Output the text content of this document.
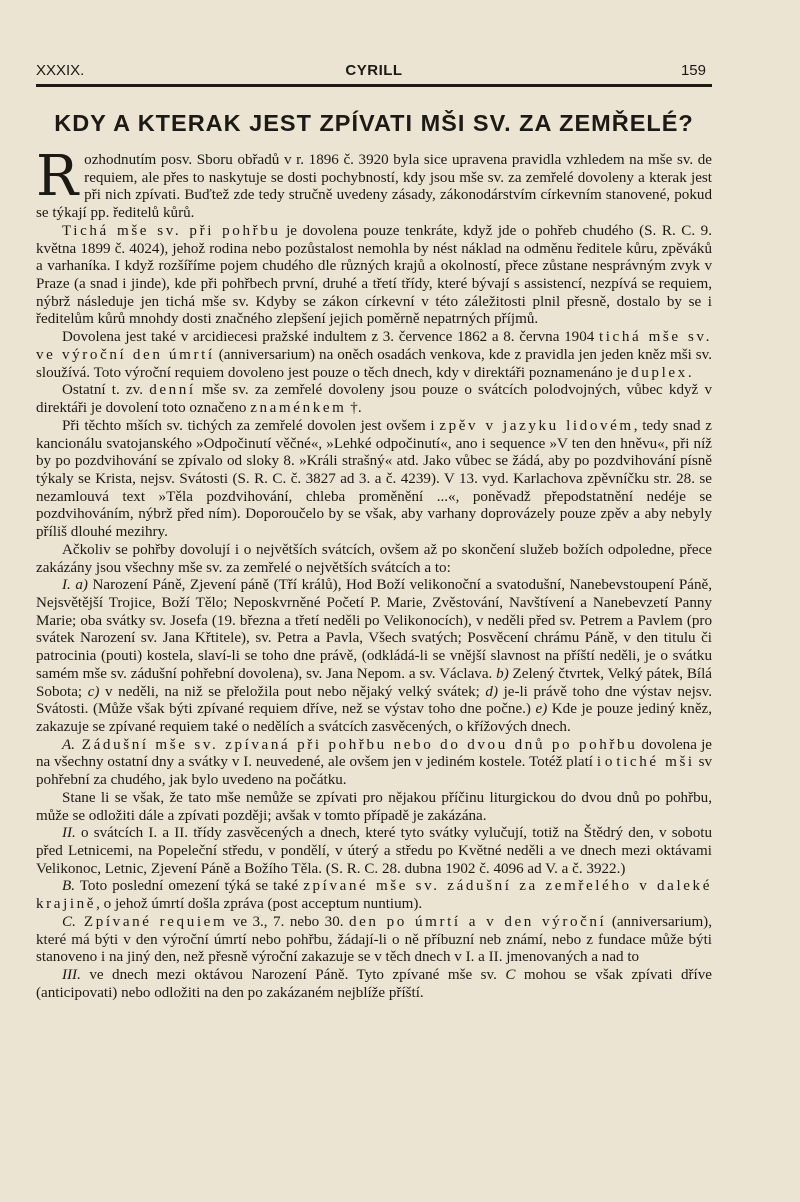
XXXIX.	CYRILL	159
KDY A KTERAK JEST ZPÍVATI MŠI SV. ZA ZEMŘELÉ?

Rozhodnutím posv. Sboru obřadů v r. 1896 č. 3920 byla sice upravena pravidla vzhledem na mše sv. de requiem, ale přes to naskytuje se dosti pochybností, kdy jsou mše sv. za zemřelé dovoleny a kterak jest při nich zpívati. Buďtež zde tedy stručně uvedeny zásady, zákonodárstvím církevním stanovené, pokud se týkají pp. ředitelů kůrů.

Tichá mše sv. při pohřbu je dovolena pouze tenkráte, když jde o pohřeb chudého (S. R. C. 9. května 1899 č. 4024), jehož rodina nebo pozůstalost nemohla by nést náklad na odměnu ředitele kůru, zpěváků a varhaníka. I když rozšíříme pojem chudého dle různých krajů a okolností, přece zůstane nesprávným zvyk v Praze (a snad i jinde), kde při pohřbech první, druhé a třetí třídy, které bývají s assistencí, nezpívá se requiem, nýbrž následuje jen tichá mše sv. Kdyby se zákon církevní v této záležitosti plnil přesně, dostalo by se i ředitelům kůrů mnohdy dosti značného zlepšení jejich poměrně nepatrných příjmů.

Dovolena jest také v arcidiecesi pražské indultem z 3. července 1862 a 8. června 1904 tichá mše sv. ve výroční den úmrtí (anniversarium) na oněch osadách venkova, kde z pravidla jen jeden kněz mši sv. sloužívá. Toto výroční requiem dovoleno jest pouze o těch dnech, kdy v direktáři poznamenáno je duplex.

Ostatní t. zv. denní mše sv. za zemřelé dovoleny jsou pouze o svátcích polodvojných, vůbec když v direktáři je dovolení toto označeno znaménkem †.

Při těchto mších sv. tichých za zemřelé dovolen jest ovšem i zpěv v jazyku lidovém, tedy snad z kancionálu svatojanského »Odpočinutí věčné«, »Lehké odpočinutí«, ano i sequence »V ten den hněvu«, při níž by po pozdvihování se zpívalo od sloky 8. »Králi strašný« atd. Jako vůbec se žádá, aby po pozdvihování písně týkaly se Krista, nejsv. Svátosti (S. R. C. č. 3827 ad 3. a č. 4239). V 13. vyd. Karlachova zpěvníčku str. 28. se nezamlouvá text »Těla pozdvihování, chleba proměnění ...«, poněvadž přepodstatnění nedéje se pozdvihováním, nýbrž před ním). Doporoučelo by se však, aby varhany doprovázely pouze zpěv a aby nebyly příliš dlouhé mezihry.

Ačkoliv se pohřby dovolují i o největších svátcích, ovšem až po skončení služeb božích odpoledne, přece zakázány jsou všechny mše sv. za zemřelé o největších svátcích a to:

I. a) Narození Páně, Zjevení páně (Tří králů), Hod Boží velikonoční a svatodušní, Nanebevstoupení Páně, Nejsvětější Trojice, Boží Tělo; Neposkvrněné Početí P. Marie, Zvěstování, Navštívení a Nanebevzetí Panny Marie; oba svátky sv. Josefa (19. března a třetí neděli po Velikonocích), v neděli před sv. Petrem a Pavlem (pro svátek Narození sv. Jana Křtitele), sv. Petra a Pavla, Všech svatých; Posvěcení chrámu Páně, v den titulu či patrocinia (pouti) kostela, slaví-li se toho dne právě, (odkládá-li se vnější slavnost na příští neděli, je o svátku samém mše sv. zádušní pohřební dovolena), sv. Jana Nepom. a sv. Václava. b) Zelený čtvrtek, Velký pátek, Bílá Sobota; c) v neděli, na niž se přeložila pout nebo nějaký velký svátek; d) je-li právě toho dne výstav nejsv. Svátosti. (Může však býti zpívané requiem dříve, než se výstav toho dne počne.) e) Kde je pouze jediný kněz, zakazuje se zpívané requiem také o nedělích a svátcích zasvěcených, o křížových dnech.

A. Zádušní mše sv. zpívaná při pohřbu nebo do dvou dnů po pohřbu dovolena je na všechny ostatní dny a svátky v I. neuvedené, ale ovšem jen v jediném kostele. Totéž platí i o tiché mši sv pohřební za chudého, jak bylo uvedeno na počátku.

Stane li se však, že tato mše nemůže se zpívati pro nějakou příčinu liturgickou do dvou dnů po pohřbu, může se odložiti dále a zpívati později; avšak v tomto případě je zakázána.

II. o svátcích I. a II. třídy zasvěcených a dnech, které tyto svátky vylučují, totiž na Štědrý den, v sobotu před Letnicemi, na Popeleční středu, v pondělí, v úterý a středu po Květné neděli a ve dnech mezi oktávami Velikonoc, Letnic, Zjevení Páně a Božího Těla. (S. R. C. 28. dubna 1902 č. 4096 ad V. a č. 3922.)

B. Toto poslední omezení týká se také zpívané mše sv. zádušní za zemřelého v daleké krajině, o jehož úmrtí došla zpráva (post acceptum nuntium).

C. Zpívané requiem ve 3., 7. nebo 30. den po úmrtí a v den výroční (anniversarium), které má býti v den výroční úmrtí nebo pohřbu, žádají-li o ně příbuzní neb známí, nebo z fundace může býti stanoveno i na jiný den, než přesně výroční zakazuje se v těch dnech v I. a II. jmenovaných a nad to

III. ve dnech mezi oktávou Narození Páně. Tyto zpívané mše sv. C mohou se však zpívati dříve (anticipovati) nebo odložiti na den po zakázaném nejblíže příští.
